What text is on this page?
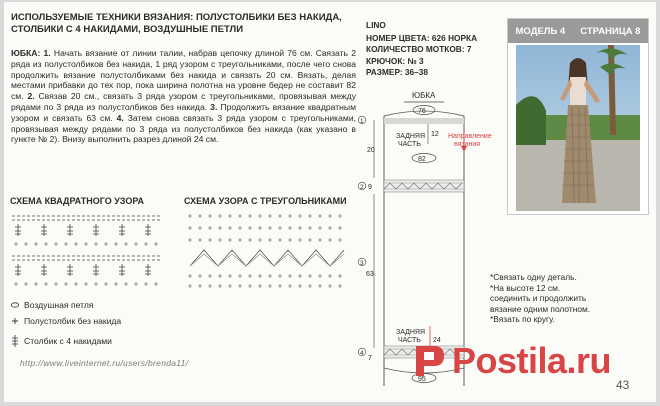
ИСПОЛЬЗУЕМЫЕ ТЕХНИКИ ВЯЗАНИЯ: ПОЛУСТОЛБИКИ БЕЗ НАКИДА,
СТОЛБИКИ С 4 НАКИДАМИ, ВОЗДУШНЫЕ ПЕТЛИ
ЮБКА: 1. Начать вязание от линии талии, набрав цепочку длиной 76 см. Связать 2 ряда из полустолбиков без накида, 1 ряд узором с треугольниками, после чего снова продолжить вязание полустолбиками без накида и связать 20 см. Вязать, делая местами прибавки до тех пор, пока ширина полотна на уровне бедер не составит 82 см. 2. Связав 20 см., связать 3 ряда узором с треугольниками, провязывая между рядами по 3 ряда из полустолбиков без накида. 3. Продолжить вязание квадратным узором и связать 63 см. 4. Затем снова связать 3 ряда узором с треугольниками, провязывая между рядами по 3 ряда из полустолбиков без накида (как указано в гункте № 2). Внизу выполнить разрез длиной 24 см.
LINO
НОМЕР ЦВЕТА: 626 НОРКА
КОЛИЧЕСТВО МОТКОВ: 7
КРЮЧОК: № 3
РАЗМЕР: 36–38
МОДЕЛЬ 4 СТРАНИЦА 8
ЮБКА
76
ЗАДНЯЯ
ЧАСТЬ
12
82
Направление
вязания
1
20
2 9
3
63
ЗАДНЯЯ
ЧАСТЬ 24
4
7
95
СХЕМА КВАДРАТНОГО УЗОРА	СХЕМА УЗОРА С ТРЕУГОЛЬНИКАМИ
Воздушная петля
Полустолбик без накида
Столбик с 4 накидами
*Связать одну деталь.
*На высоте 12 см.
соединить и продолжить
вязание одним полотном.
*Вязать по кругу.
http://www.liveinternet.ru/users/brenda11/	Postila.ru
43
